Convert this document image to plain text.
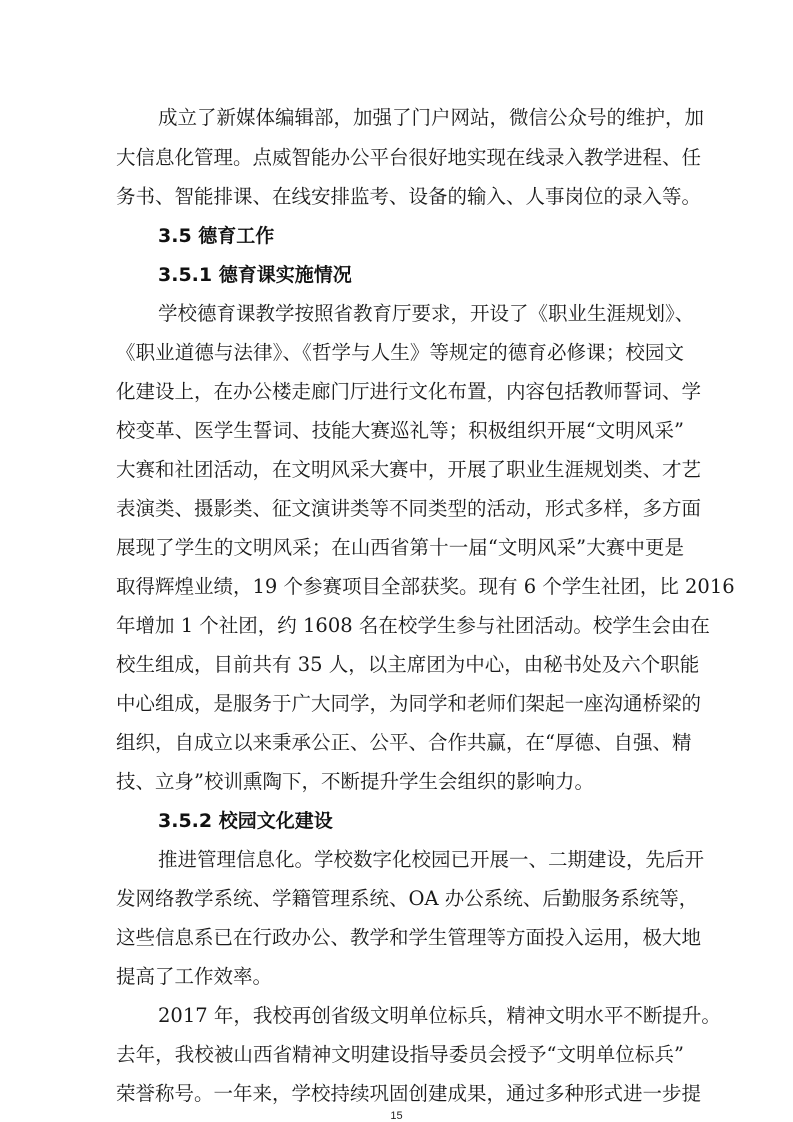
成立了新媒体编辑部，加强了门户网站，微信公众号的维护，加
大信息化管理。点威智能办公平台很好地实现在线录入教学进程、任
务书、智能排课、在线安排监考、设备的输入、人事岗位的录入等。
3.5 德育工作
3.5.1 德育课实施情况
学校德育课教学按照省教育厅要求，开设了《职业生涯规划》、
《职业道德与法律》、《哲学与人生》等规定的德育必修课；校园文
化建设上，在办公楼走廊门厅进行文化布置，内容包括教师誓词、学
校变革、医学生誓词、技能大赛巡礼等；积极组织开展“文明风采”
大赛和社团活动，在文明风采大赛中，开展了职业生涯规划类、才艺
表演类、摄影类、征文演讲类等不同类型的活动，形式多样，多方面
展现了学生的文明风采；在山西省第十一届“文明风采”大赛中更是
取得辉煌业绩，19 个参赛项目全部获奖。现有 6 个学生社团，比 2016
年增加 1 个社团，约 1608 名在校学生参与社团活动。校学生会由在
校生组成，目前共有 35 人，以主席团为中心，由秘书处及六个职能
中心组成，是服务于广大同学，为同学和老师们架起一座沟通桥梁的
组织，自成立以来秉承公正、公平、合作共赢，在“厚德、自强、精
技、立身”校训熏陶下，不断提升学生会组织的影响力。
3.5.2 校园文化建设
推进管理信息化。学校数字化校园已开展一、二期建设，先后开
发网络教学系统、学籍管理系统、OA 办公系统、后勤服务系统等，
这些信息系已在行政办公、教学和学生管理等方面投入运用，极大地
提高了工作效率。
2017 年，我校再创省级文明单位标兵，精神文明水平不断提升。
去年，我校被山西省精神文明建设指导委员会授予“文明单位标兵”
荣誉称号。一年来，学校持续巩固创建成果，通过多种形式进一步提
15
